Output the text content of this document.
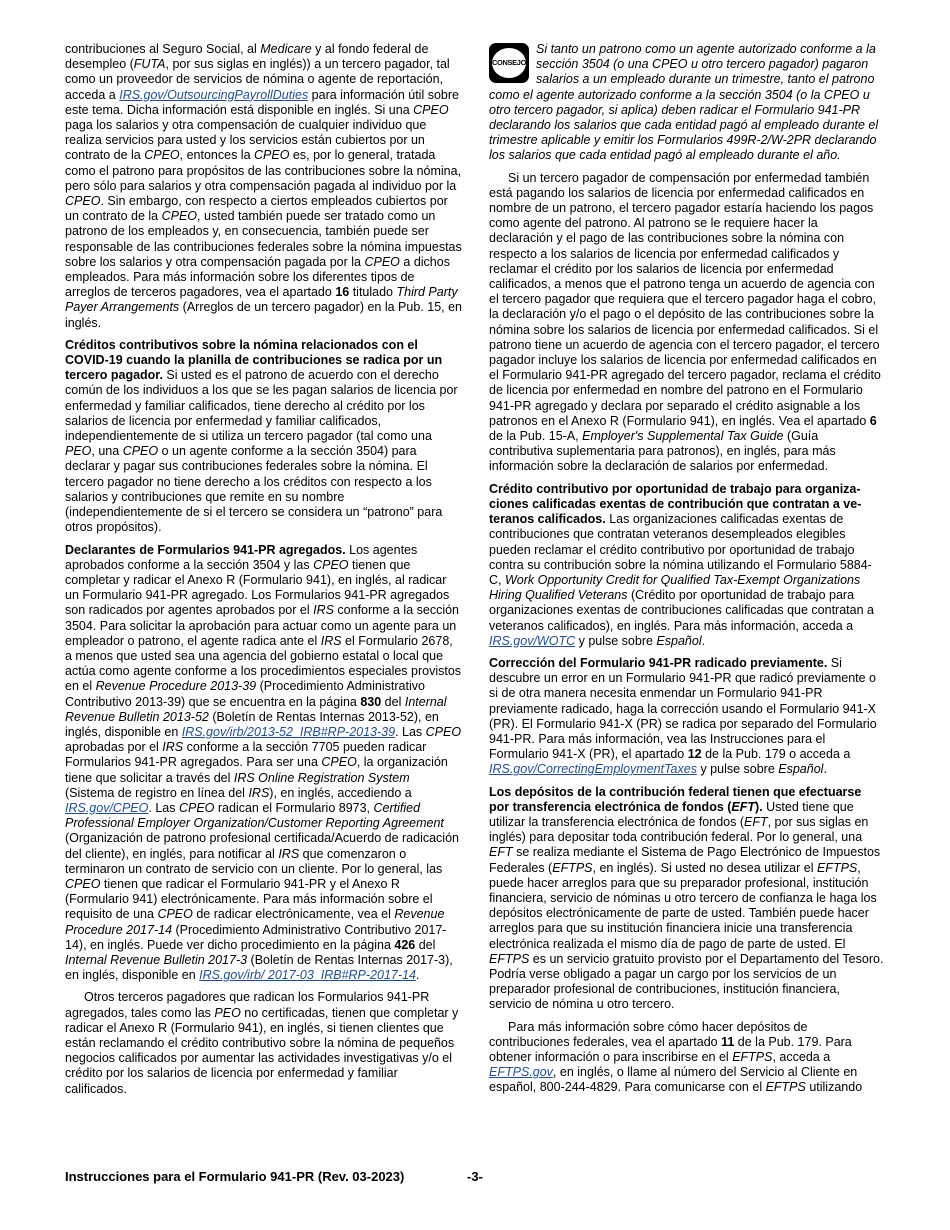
contribuciones al Seguro Social, al Medicare y al fondo federal de desempleo (FUTA, por sus siglas en inglés)) a un tercero pagador, tal como un proveedor de servicios de nómina o agente de reportación, acceda a IRS.gov/OutsourcingPayrollDuties para información útil sobre este tema. Dicha información está disponible en inglés. Si una CPEO paga los salarios y otra compensación de cualquier individuo que realiza servicios para usted y los servicios están cubiertos por un contrato de la CPEO, entonces la CPEO es, por lo general, tratada como el patrono para propósitos de las contribuciones sobre la nómina, pero sólo para salarios y otra compensación pagada al individuo por la CPEO. Sin embargo, con respecto a ciertos empleados cubiertos por un contrato de la CPEO, usted también puede ser tratado como un patrono de los empleados y, en consecuencia, también puede ser responsable de las contribuciones federales sobre la nómina impuestas sobre los salarios y otra compensación pagada por la CPEO a dichos empleados. Para más información sobre los diferentes tipos de arreglos de terceros pagadores, vea el apartado 16 titulado Third Party Payer Arrangements (Arreglos de un tercero pagador) en la Pub. 15, en inglés.

Créditos contributivos sobre la nómina relacionados con el COVID-19 cuando la planilla de contribuciones se radica por un tercero pagador. Si usted es el patrono de acuerdo con el derecho común de los individuos a los que se les pagan salarios de licencia por enfermedad y familiar calificados, tiene derecho al crédito por los salarios de licencia por enfermedad y familiar calificados, independientemente de si utiliza un tercero pagador (tal como una PEO, una CPEO o un agente conforme a la sección 3504) para declarar y pagar sus contribuciones federales sobre la nómina. El tercero pagador no tiene derecho a los créditos con respecto a los salarios y contribuciones que remite en su nombre (independientemente de si el tercero se considera un “patrono” para otros propósitos).

Declarantes de Formularios 941-PR agregados. Los agentes aprobados conforme a la sección 3504 y las CPEO tienen que completar y radicar el Anexo R (Formulario 941), en inglés, al radicar un Formulario 941-PR agregado. Los Formularios 941-PR agregados son radicados por agentes aprobados por el IRS conforme a la sección 3504. Para solicitar la aprobación para actuar como un agente para un empleador o patrono, el agente radica ante el IRS el Formulario 2678, a menos que usted sea una agencia del gobierno estatal o local que actúa como agente conforme a los procedimientos especiales provistos en el Revenue Procedure 2013-39 (Procedimiento Administrativo Contributivo 2013-39) que se encuentra en la página 830 del Internal Revenue Bulletin 2013-52 (Boletín de Rentas Internas 2013-52), en inglés, disponible en IRS.gov/irb/2013-52_IRB#RP-2013-39. Las CPEO aprobadas por el IRS conforme a la sección 7705 pueden radicar Formularios 941-PR agregados. Para ser una CPEO, la organización tiene que solicitar a través del IRS Online Registration System (Sistema de registro en línea del IRS), en inglés, accediendo a IRS.gov/CPEO. Las CPEO radican el Formulario 8973, Certified Professional Employer Organization/Customer Reporting Agreement (Organización de patrono profesional certificada/Acuerdo de radicación del cliente), en inglés, para notificar al IRS que comenzaron o terminaron un contrato de servicio con un cliente. Por lo general, las CPEO tienen que radicar el Formulario 941-PR y el Anexo R (Formulario 941) electrónicamente. Para más información sobre el requisito de una CPEO de radicar electrónicamente, vea el Revenue Procedure 2017-14 (Procedimiento Administrativo Contributivo 2017-14), en inglés. Puede ver dicho procedimiento en la página 426 del Internal Revenue Bulletin 2017-3 (Boletín de Rentas Internas 2017-3), en inglés, disponible en IRS.gov/irb/ 2017-03_IRB#RP-2017-14.

Otros terceros pagadores que radican los Formularios 941-PR agregados, tales como las PEO no certificadas, tienen que completar y radicar el Anexo R (Formulario 941), en inglés, si tienen clientes que están reclamando el crédito contributivo sobre la nómina de pequeños negocios calificados por aumentar las actividades investigativas y/o el crédito por los salarios de licencia por enfermedad y familiar calificados.

CONSEJO

Si tanto un patrono como un agente autorizado conforme a la sección 3504 (o una CPEO u otro tercero pagador) pagaron salarios a un empleado durante un trimestre, tanto el patrono como el agente autorizado conforme a la sección 3504 (o la CPEO u otro tercero pagador, si aplica) deben radicar el Formulario 941-PR declarando los salarios que cada entidad pagó al empleado durante el trimestre aplicable y emitir los Formularios 499R-2/W-2PR declarando los salarios que cada entidad pagó al empleado durante el año.

Si un tercero pagador de compensación por enfermedad también está pagando los salarios de licencia por enfermedad calificados en nombre de un patrono, el tercero pagador estaría haciendo los pagos como agente del patrono. Al patrono se le requiere hacer la declaración y el pago de las contribuciones sobre la nómina con respecto a los salarios de licencia por enfermedad calificados y reclamar el crédito por los salarios de licencia por enfermedad calificados, a menos que el patrono tenga un acuerdo de agencia con el tercero pagador que requiera que el tercero pagador haga el cobro, la declaración y/o el pago o el depósito de las contribuciones sobre la nómina sobre los salarios de licencia por enfermedad calificados. Si el patrono tiene un acuerdo de agencia con el tercero pagador, el tercero pagador incluye los salarios de licencia por enfermedad calificados en el Formulario 941-PR agregado del tercero pagador, reclama el crédito de licencia por enfermedad en nombre del patrono en el Formulario 941-PR agregado y declara por separado el crédito asignable a los patronos en el Anexo R (Formulario 941), en inglés. Vea el apartado 6 de la Pub. 15-A, Employer's Supplemental Tax Guide (Guía contributiva suplementaria para patronos), en inglés, para más información sobre la declaración de salarios por enfermedad.

Crédito contributivo por oportunidad de trabajo para organizaciones calificadas exentas de contribución que contratan a veteranos calificados. Las organizaciones calificadas exentas de contribuciones que contratan veteranos desempleados elegibles pueden reclamar el crédito contributivo por oportunidad de trabajo contra su contribución sobre la nómina utilizando el Formulario 5884-C, Work Opportunity Credit for Qualified Tax-Exempt Organizations Hiring Qualified Veterans (Crédito por oportunidad de trabajo para organizaciones exentas de contribuciones calificadas que contratan a veteranos calificados), en inglés. Para más información, acceda a IRS.gov/WOTC y pulse sobre Español.

Corrección del Formulario 941-PR radicado previamente. Si descubre un error en un Formulario 941-PR que radicó previamente o si de otra manera necesita enmendar un Formulario 941-PR previamente radicado, haga la corrección usando el Formulario 941-X (PR). El Formulario 941-X (PR) se radica por separado del Formulario 941-PR. Para más información, vea las Instrucciones para el Formulario 941-X (PR), el apartado 12 de la Pub. 179 o acceda a IRS.gov/CorrectingEmploymentTaxes y pulse sobre Español.

Los depósitos de la contribución federal tienen que efectuarse por transferencia electrónica de fondos (EFT). Usted tiene que utilizar la transferencia electrónica de fondos (EFT, por sus siglas en inglés) para depositar toda contribución federal. Por lo general, una EFT se realiza mediante el Sistema de Pago Electrónico de Impuestos Federales (EFTPS, en inglés). Si usted no desea utilizar el EFTPS, puede hacer arreglos para que su preparador profesional, institución financiera, servicio de nóminas u otro tercero de confianza le haga los depósitos electrónicamente de parte de usted. También puede hacer arreglos para que su institución financiera inicie una transferencia electrónica realizada el mismo día de pago de parte de usted. El EFTPS es un servicio gratuito provisto por el Departamento del Tesoro. Podría verse obligado a pagar un cargo por los servicios de un preparador profesional de contribuciones, institución financiera, servicio de nómina u otro tercero.

Para más información sobre cómo hacer depósitos de contribuciones federales, vea el apartado 11 de la Pub. 179. Para obtener información o para inscribirse en el EFTPS, acceda a EFTPS.gov, en inglés, o llame al número del Servicio al Cliente en español, 800-244-4829. Para comunicarse con el EFTPS utilizando

Instrucciones para el Formulario 941-PR (Rev. 03-2023)	-3-
